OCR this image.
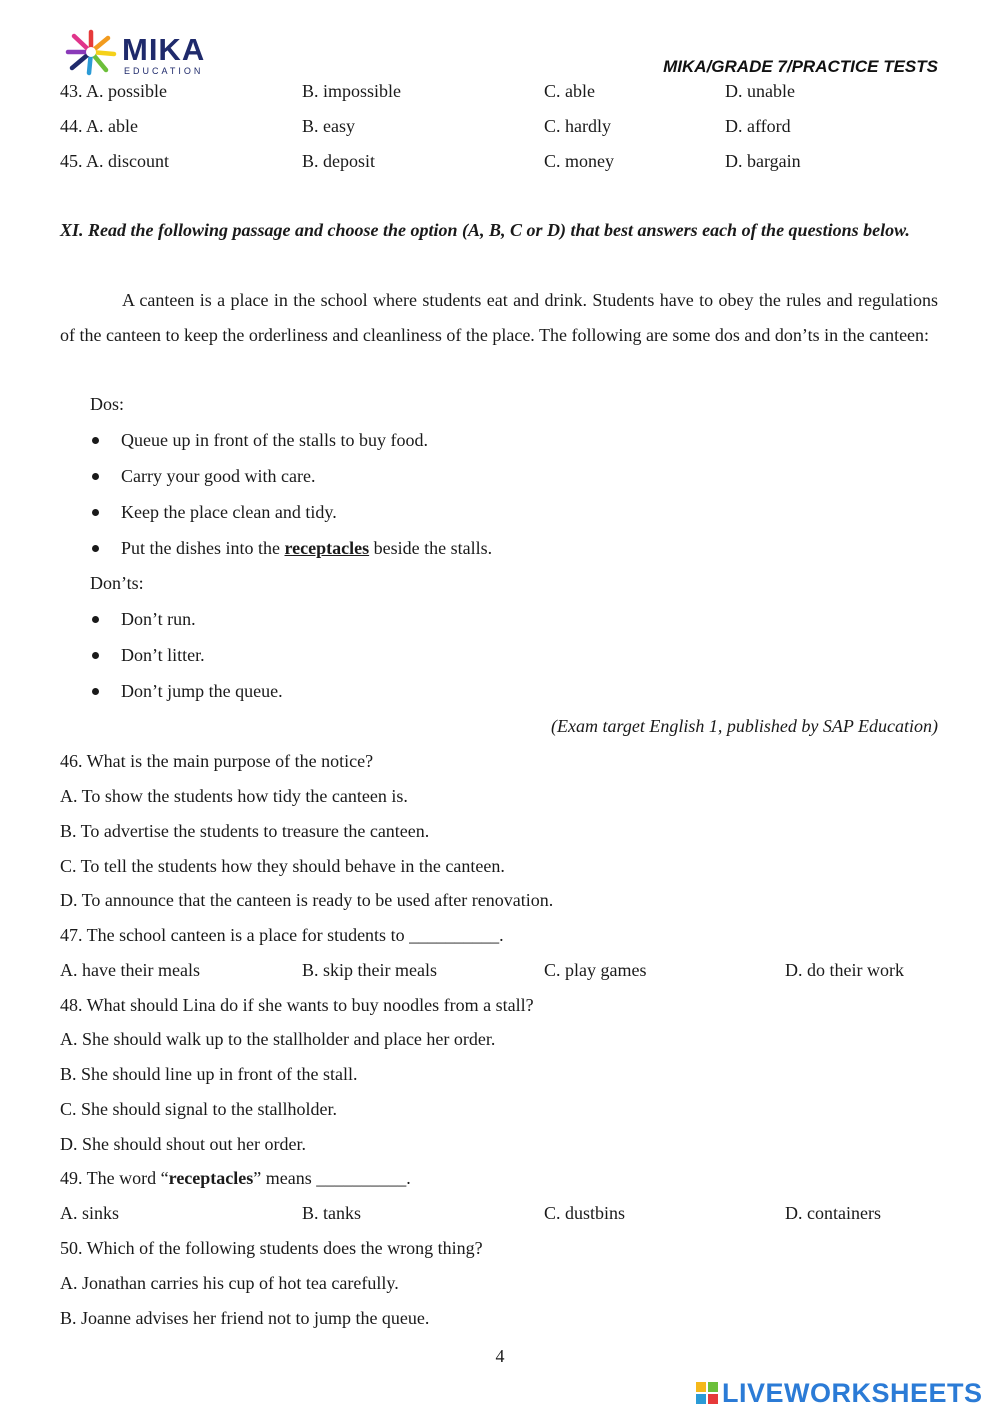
MIKA
EDUCATION	MIKA/GRADE 7/PRACTICE TESTS
43. A. possible	B. impossible	C. able	D. unable
44. A. able	B. easy	C. hardly	D. afford
45. A. discount	B. deposit	C. money	D. bargain
XI. Read the following passage and choose the option (A, B, C or D) that best answers each of the questions below.
A canteen is a place in the school where students eat and drink. Students have to obey the rules and regulations of the canteen to keep the orderliness and cleanliness of the place. The following are some dos and don’ts in the canteen:
Dos:
Queue up in front of the stalls to buy food.
Carry your good with care.
Keep the place clean and tidy.
Put the dishes into the receptacles beside the stalls.
Don’ts:
Don’t run.
Don’t litter.
Don’t jump the queue.
(Exam target English 1, published by SAP Education)
46. What is the main purpose of the notice?
A. To show the students how tidy the canteen is.
B. To advertise the students to treasure the canteen.
C. To tell the students how they should behave in the canteen.
D. To announce that the canteen is ready to be used after renovation.
47. The school canteen is a place for students to __________.
A. have their meals	B. skip their meals	C. play games	D. do their work
48. What should Lina do if she wants to buy noodles from a stall?
A. She should walk up to the stallholder and place her order.
B. She should line up in front of the stall.
C. She should signal to the stallholder.
D. She should shout out her order.
49. The word “receptacles” means __________.
A. sinks	B. tanks	C. dustbins	D. containers
50. Which of the following students does the wrong thing?
A. Jonathan carries his cup of hot tea carefully.
B. Joanne advises her friend not to jump the queue.
4
LIVEWORKSHEETS
